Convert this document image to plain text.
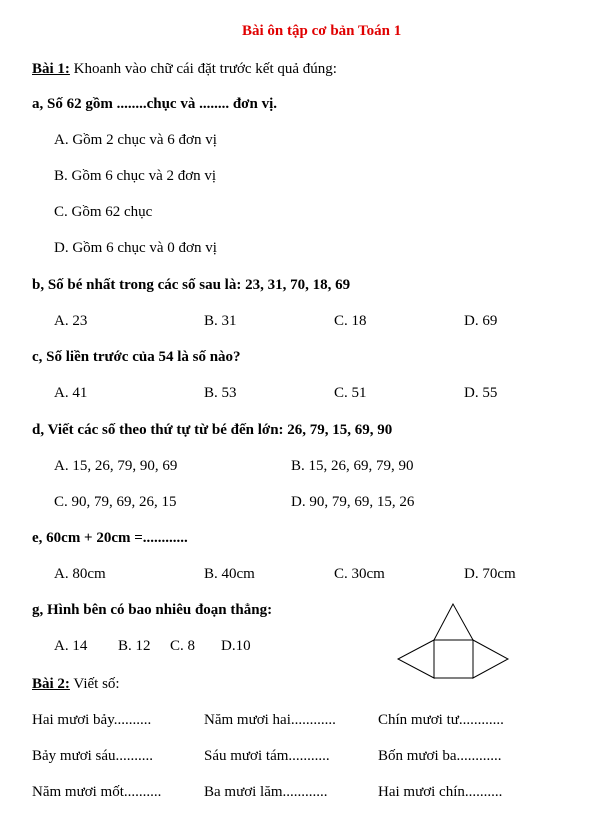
Bài ôn tập cơ bản Toán 1
Bài 1: Khoanh vào chữ cái đặt trước kết quả đúng:
a, Số 62 gồm ........chục và ........ đơn vị.
A. Gồm 2 chục và 6 đơn vị
B. Gồm 6 chục và 2 đơn vị
C. Gồm 62 chục
D. Gồm 6 chục và 0 đơn vị
b, Số bé nhất trong các số sau là: 23, 31, 70, 18, 69
A. 23	B. 31	C. 18	D. 69
c, Số liền trước của 54 là số nào?
A. 41	B. 53	C. 51	D. 55
d, Viết các số theo thứ tự từ bé đến lớn: 26, 79, 15, 69, 90
A. 15, 26, 79, 90, 69	B. 15, 26, 69, 79, 90
C. 90, 79, 69, 26, 15	D. 90, 79, 69, 15, 26
e, 60cm + 20cm =............
A. 80cm	B. 40cm	C. 30cm	D. 70cm
g, Hình bên có bao nhiêu đoạn thẳng:
A. 14 B. 12 C. 8 D.10
Bài 2: Viết số:
Hai mươi bảy..........	Năm mươi hai............	Chín mươi tư............
Bảy mươi sáu..........	Sáu mươi tám...........	Bốn mươi ba............
Năm mươi mốt..........	Ba mươi lăm............	Hai mươi chín..........
